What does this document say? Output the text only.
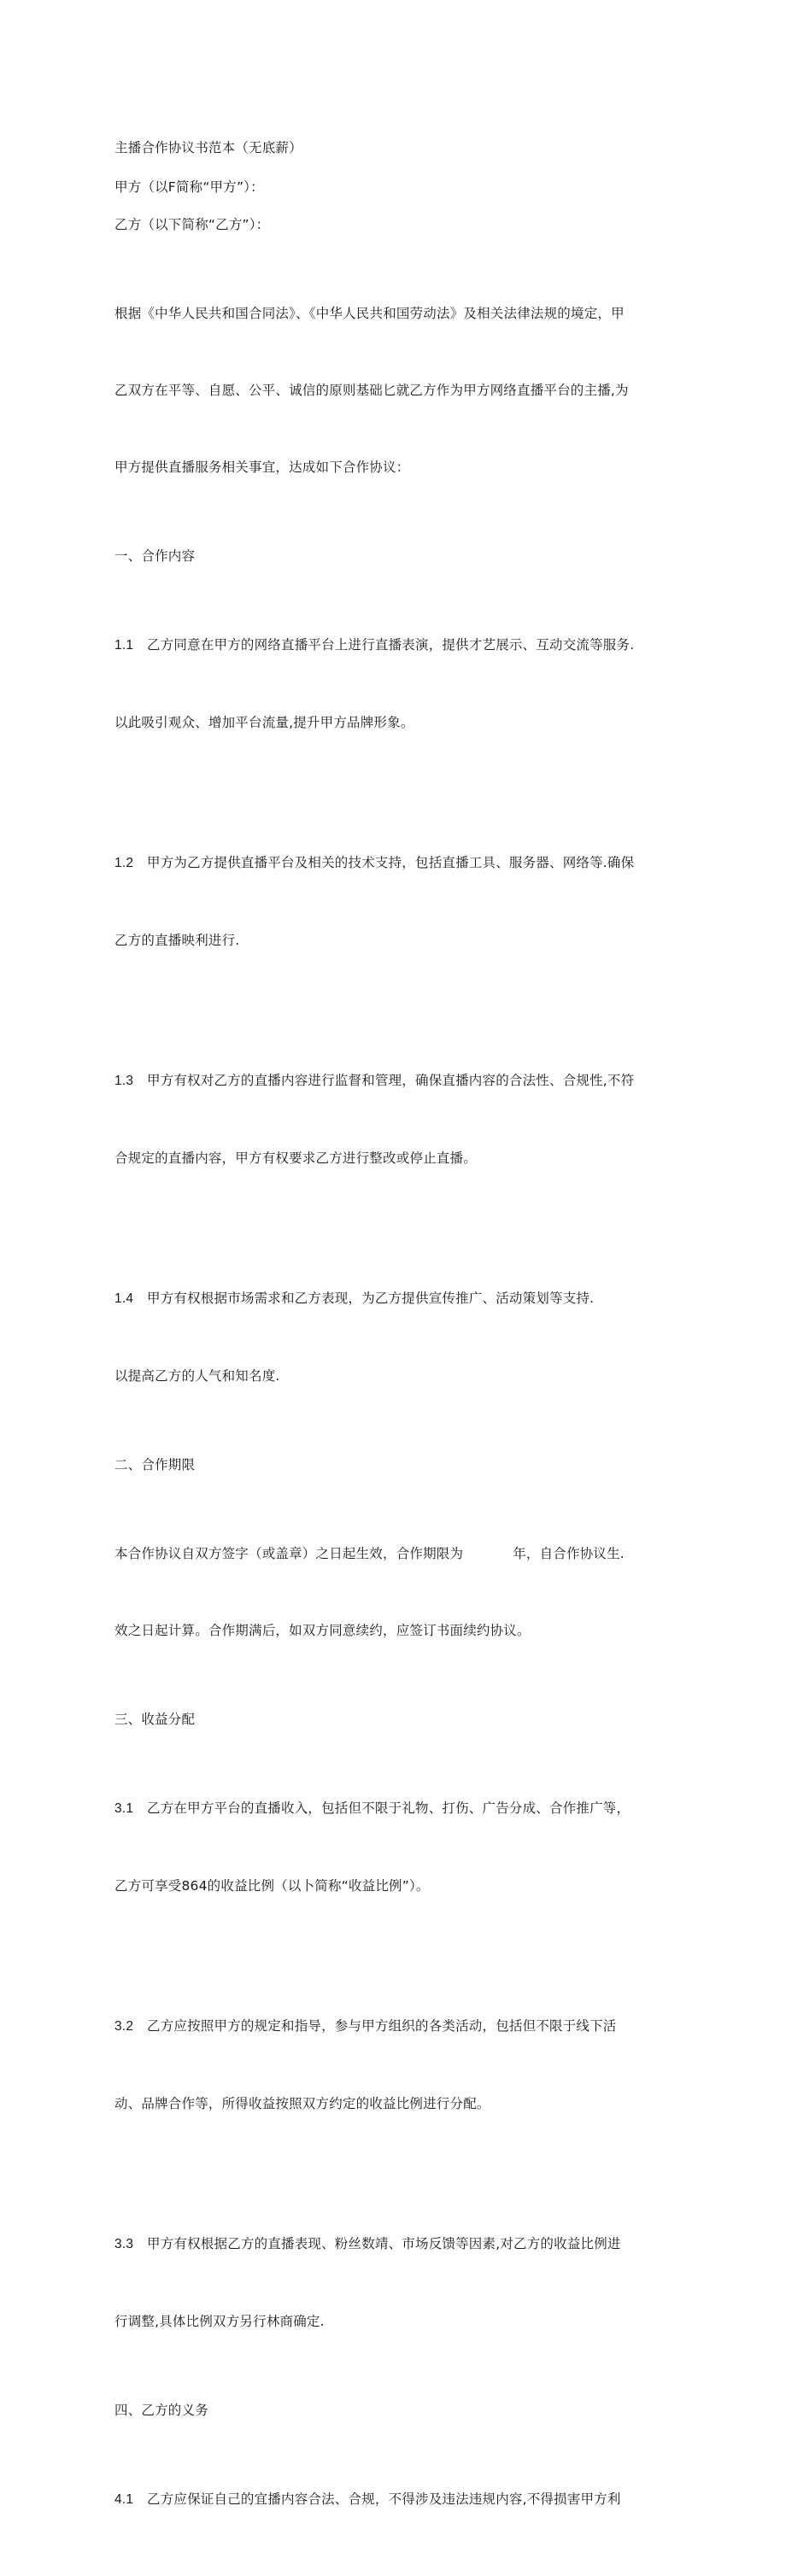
主播合作协议书范本（无底薪）

甲方（以F简称“甲方”）：

乙方（以下简称“乙方”）：

根据《中华人民共和国合同法》、《中华人民共和国劳动法》及相关法律法规的境定，甲

乙双方在平等、自愿、公平、诚信的原则基础匕就乙方作为甲方网络直播平台的主播,为

甲方提供直播服务相关事宜，达成如下合作协议：

一、合作内容

1.1 乙方同意在甲方的网络直播平台上进行直播表演，提供才艺展示、互动交流等服务.

以此吸引观众、增加平台流量,提升甲方品牌形象。

1.2 甲方为乙方提供直播平台及相关的技术支持，包括直播工具、服务器、网络等.确保

乙方的直播映利进行.

1.3 甲方有权对乙方的直播内容进行监督和管理，确保直播内容的合法性、合规性,不符

合规定的直播内容，甲方有权要求乙方进行整改或停止直播。

1.4 甲方有权根据市场需求和乙方表现，为乙方提供宣传推广、活动策划等支持.

以提高乙方的人气和知名度.

二、合作期限

本合作协议自双方签字（或盖章）之日起生效，合作期限为	年，自合作协议生.

效之日起计算。合作期满后，如双方同意续约，应签订书面续约协议。

三、收益分配

3.1 乙方在甲方平台的直播收入，包括但不限于礼物、打伤、广告分成、合作推广等，

乙方可享受864的收益比例（以卜简称“收益比例”）。

3.2 乙方应按照甲方的规定和指导，参与甲方组织的各类活动，包括但不限于线下活

动、品牌合作等，所得收益按照双方约定的收益比例进行分配。

3.3 甲方有权根据乙方的直播表现、粉丝数靖、市场反馈等因素,对乙方的收益比例进

行调整,具体比例双方另行林商确定.

四、乙方的义务

4.1 乙方应保证自己的宜播内容合法、合规，不得涉及违法违规内容,不得损害甲方利
